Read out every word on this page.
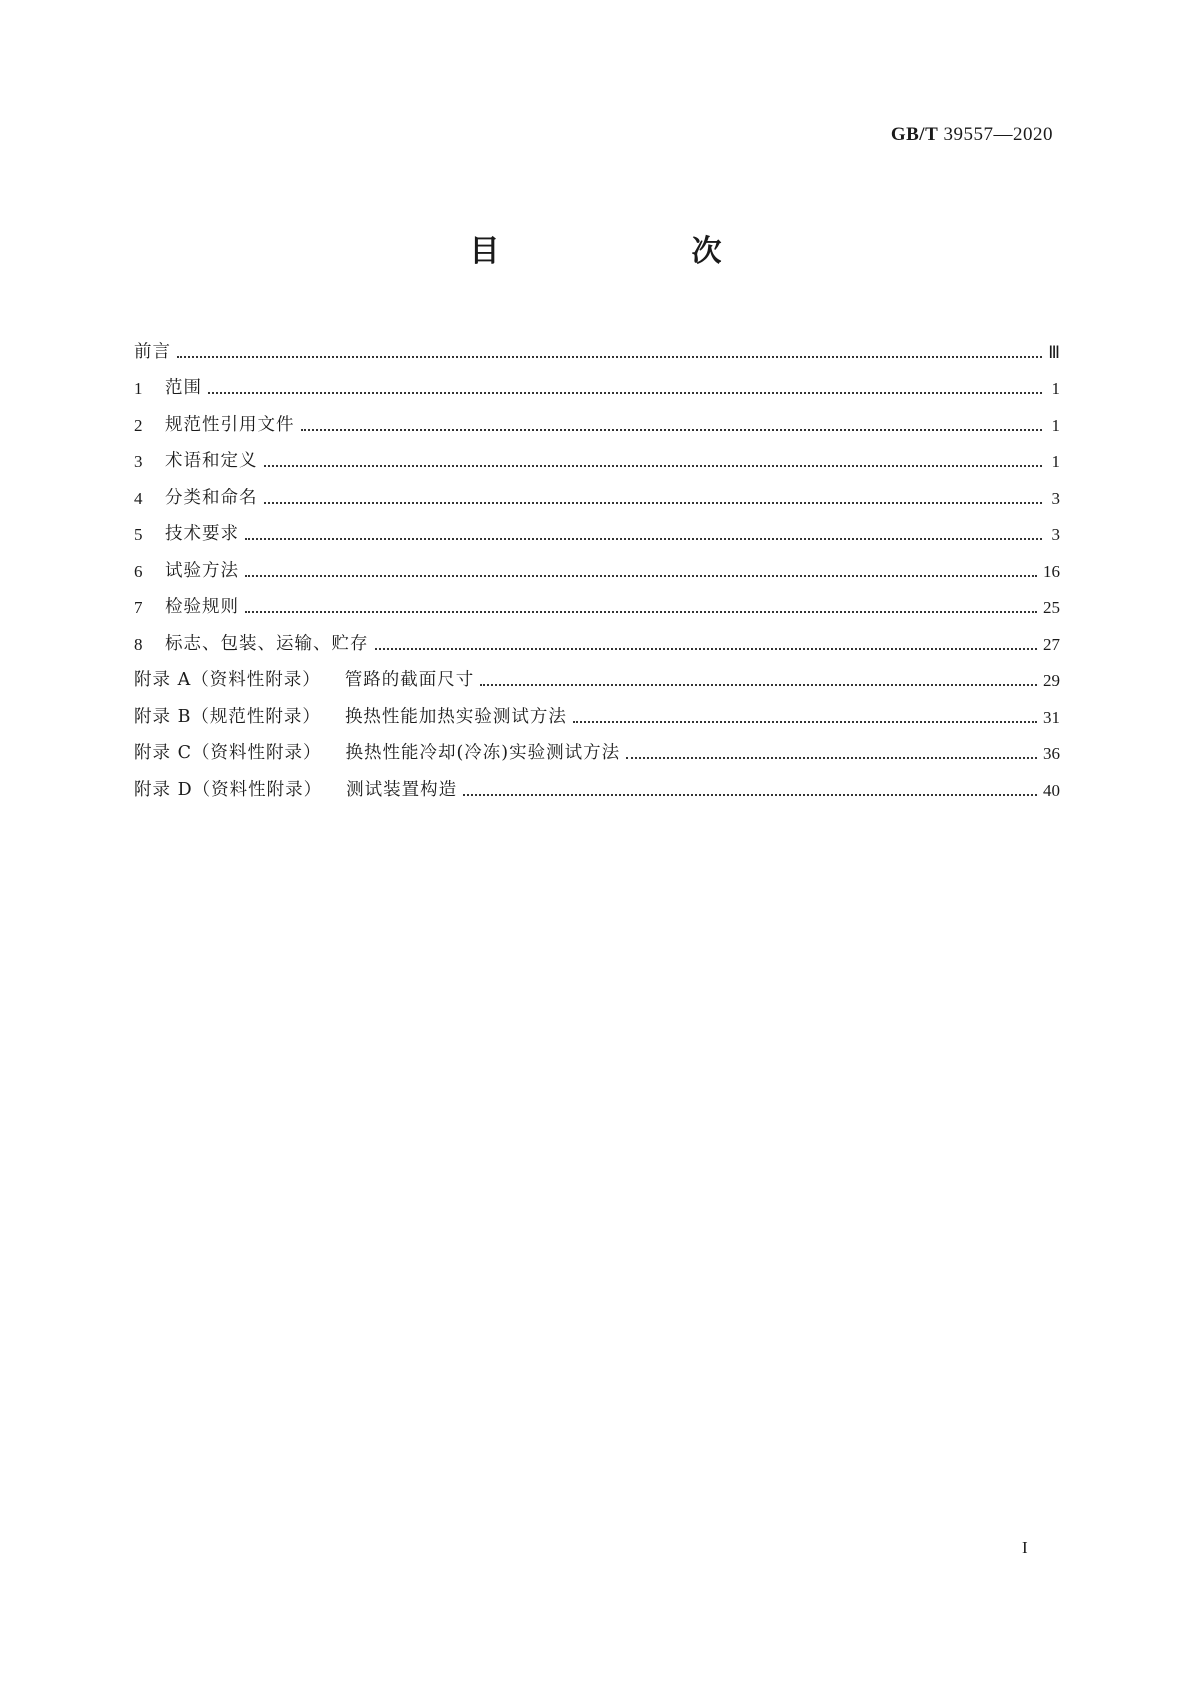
GB/T 39557—2020
目　　次
前言	Ⅲ
1	范围	1
2	规范性引用文件	1
3	术语和定义	1
4	分类和命名	3
5	技术要求	3
6	试验方法	16
7	检验规则	25
8	标志、包装、运输、贮存	27
附录 A（资料性附录） 管路的截面尺寸	29
附录 B（规范性附录） 换热性能加热实验测试方法	31
附录 C（资料性附录） 换热性能冷却(冷冻)实验测试方法	36
附录 D（资料性附录） 测试装置构造	40
I
